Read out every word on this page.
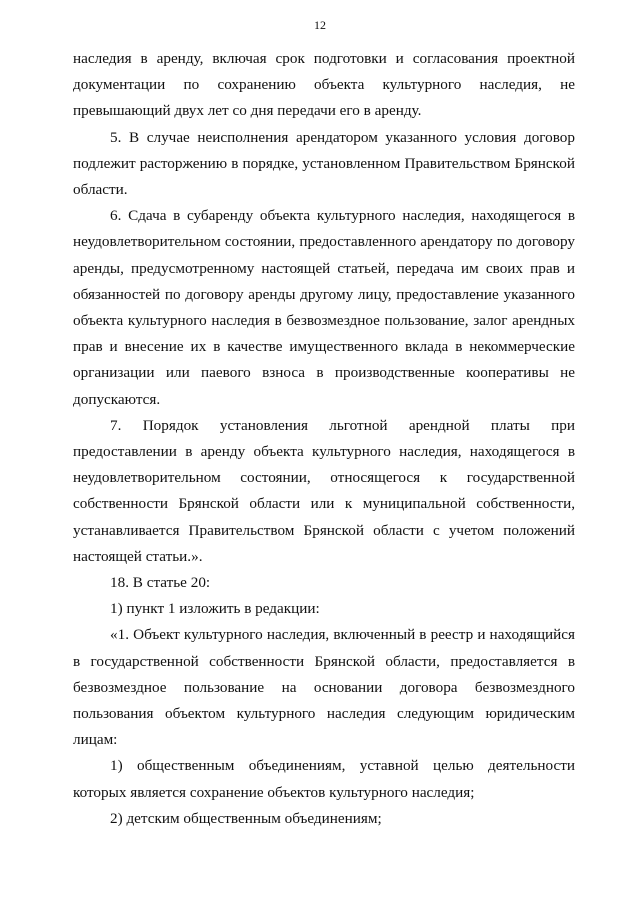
12

наследия в аренду, включая срок подготовки и согласования проектной документации по сохранению объекта культурного наследия, не превышающий двух лет со дня передачи его в аренду.

5. В случае неисполнения арендатором указанного условия договор подлежит расторжению в порядке, установленном Правительством Брянской области.

6. Сдача в субаренду объекта культурного наследия, находящегося в неудовлетворительном состоянии, предоставленного арендатору по договору аренды, предусмотренному настоящей статьей, передача им своих прав и обязанностей по договору аренды другому лицу, предоставление указанного объекта культурного наследия в безвозмездное пользование, залог арендных прав и внесение их в качестве имущественного вклада в некоммерческие организации или паевого взноса в производственные кооперативы не допускаются.

7. Порядок установления льготной арендной платы при предоставлении в аренду объекта культурного наследия, находящегося в неудовлетворительном состоянии, относящегося к государственной собственности Брянской области или к муниципальной собственности, устанавливается Правительством Брянской области с учетом положений настоящей статьи.».

18. В статье 20:

1) пункт 1 изложить в редакции:

«1. Объект культурного наследия, включенный в реестр и находящийся в государственной собственности Брянской области, предоставляется в безвозмездное пользование на основании договора безвозмездного пользования объектом культурного наследия следующим юридическим лицам:

1) общественным объединениям, уставной целью деятельности которых является сохранение объектов культурного наследия;

2) детским общественным объединениям;
